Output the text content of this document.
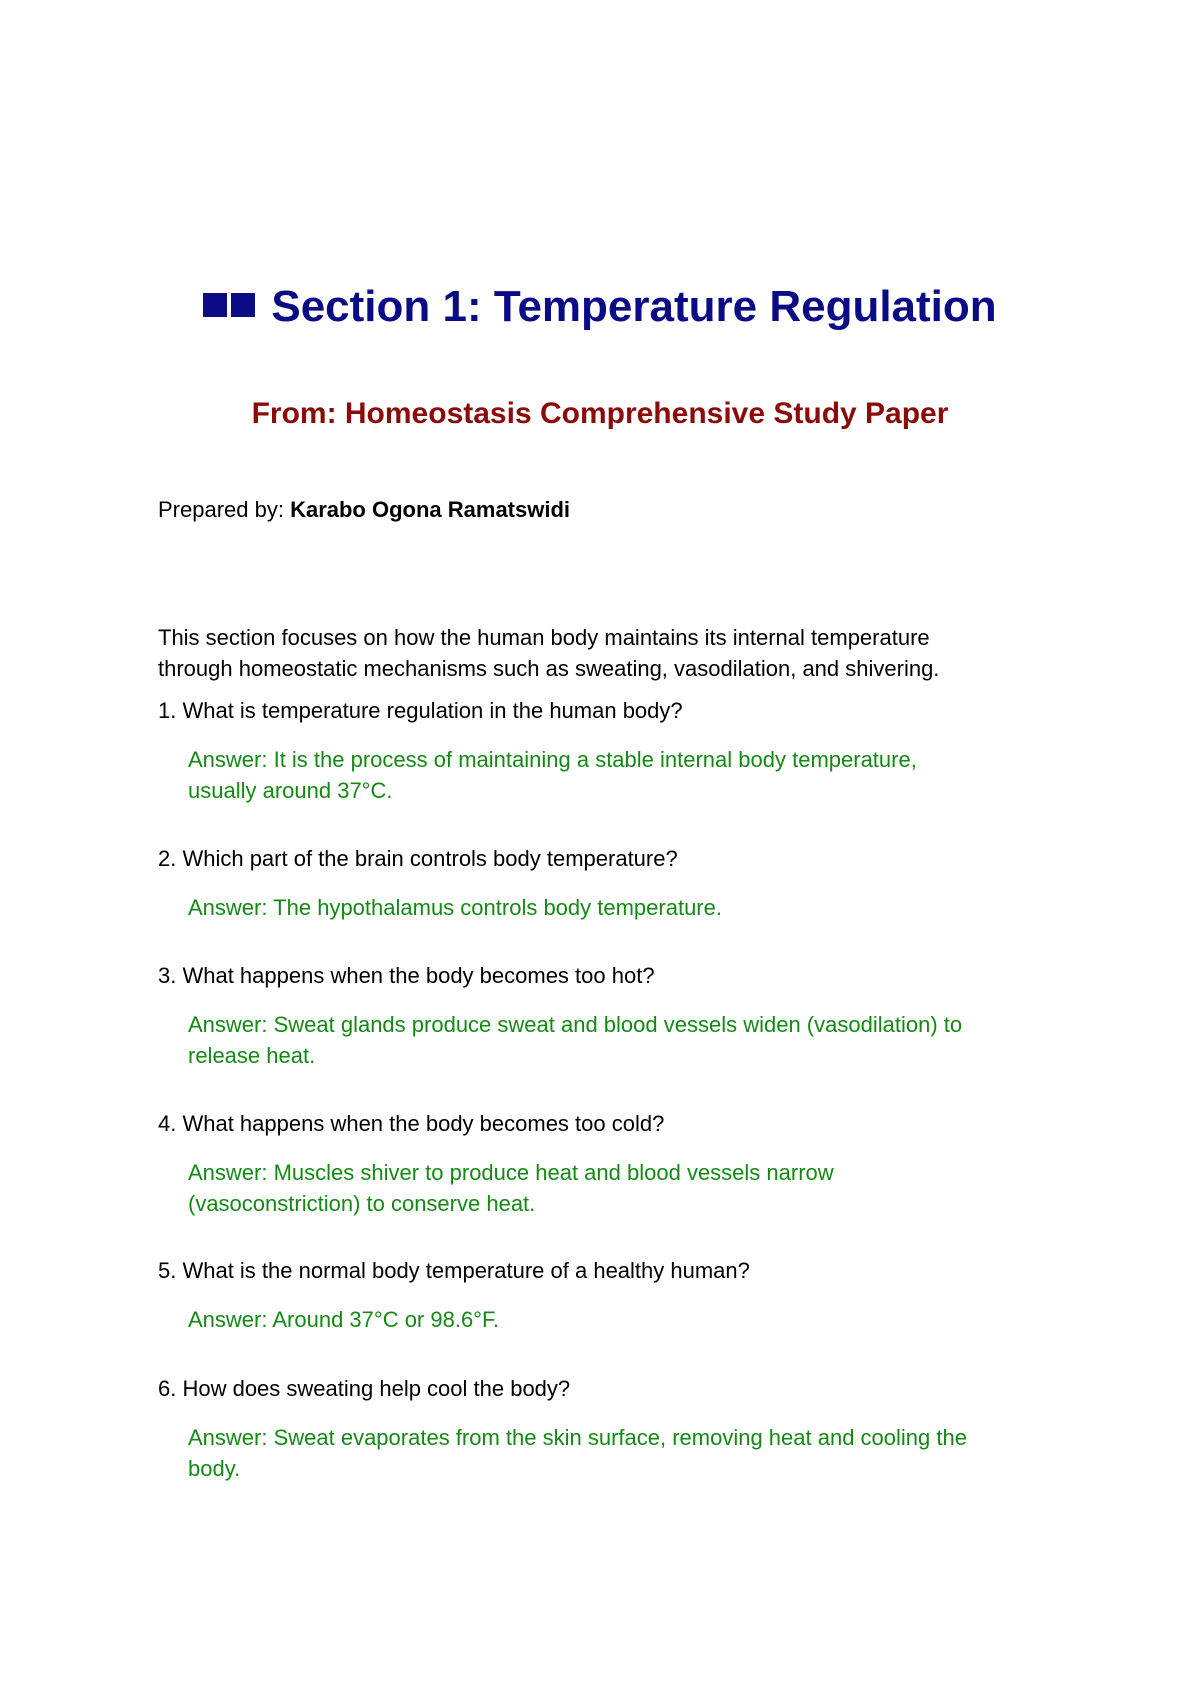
Section 1: Temperature Regulation
From: Homeostasis Comprehensive Study Paper
Prepared by: Karabo Ogona Ramatswidi
This section focuses on how the human body maintains its internal temperature
through homeostatic mechanisms such as sweating, vasodilation, and shivering.
1. What is temperature regulation in the human body?
Answer: It is the process of maintaining a stable internal body temperature,
usually around 37°C.
2. Which part of the brain controls body temperature?
Answer: The hypothalamus controls body temperature.
3. What happens when the body becomes too hot?
Answer: Sweat glands produce sweat and blood vessels widen (vasodilation) to
release heat.
4. What happens when the body becomes too cold?
Answer: Muscles shiver to produce heat and blood vessels narrow
(vasoconstriction) to conserve heat.
5. What is the normal body temperature of a healthy human?
Answer: Around 37°C or 98.6°F.
6. How does sweating help cool the body?
Answer: Sweat evaporates from the skin surface, removing heat and cooling the
body.
